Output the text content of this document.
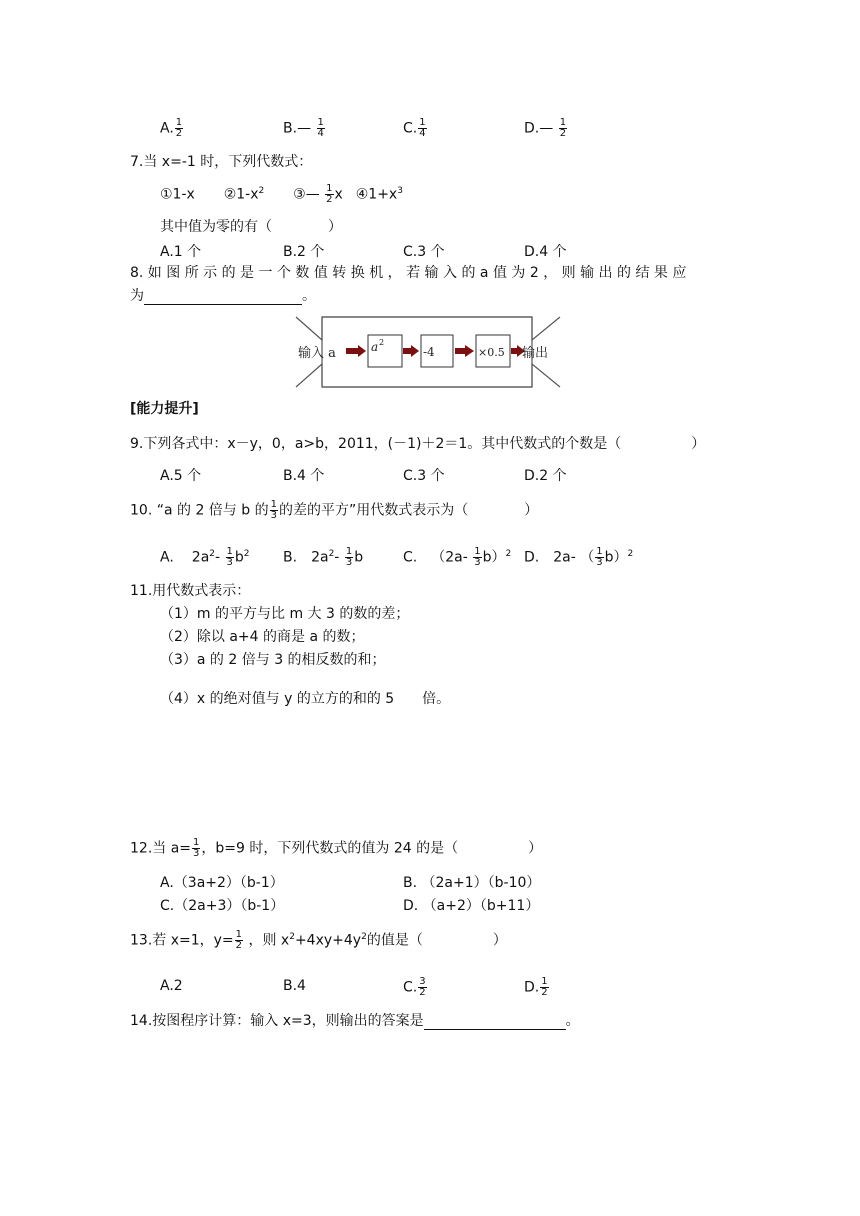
A. $\frac{1}{2}$	B.— $\frac{1}{4}$	C. $\frac{1}{4}$	D.— $\frac{1}{2}$
7.当 x=-1 时，下列代数式：
①1-x $②1-x^2$ ③— $\frac{1}{2}$ x $④1+x^3$
其中值为零的有（　　　　）
A.1 个	B.2 个	C.3 个	D.4 个
8. 如 图 所 示 的 是 一 个 数 值 转 换 机 ， 若 输 入 的 a 值 为 2 ， 则 输 出 的 结 果 应
为	。
输入 a	a 2
-4	×0.5 输出
[能力提升]
9.下列各式中：x－y，0，a>b，2011，(－1)＋2＝1。其中代数式的个数是（　　　　　）
A.5 个	B.4 个	C.3 个	D.2 个
10. “a 的 2 倍与 b 的 $\frac{1}{3}$ 的差的平方”用代数式表示为（　　　　）
A. $2a^2- \frac{1}{3} b^2$ B. $2a^2- \frac{1}{3}$ b	C. $(2a- \frac{1}{3} b)^2$ D. 2a- （ $\frac{1}{3} b)^2$
11.用代数式表示：
（1）m 的平方与比 m 大 3 的数的差；
（2）除以 a+4 的商是 a 的数；
（3）a 的 2 倍与 3 的相反数的和；
（4）x 的绝对值与 y 的立方的和的 5　　倍。
12.当 $a= \frac{1}{3}$ ，b=9 时，下列代数式的值为 24 的是（　　　　　）
A.（3a+2）（b-1）	B. （2a+1）（b-10）
C.（2a+3）（b-1）	D. （a+2）（b+11）
13.若 x=1，$y= \frac{1}{2}$ ，则 $x^2+4xy+4y^2$的值是（　　　　　）
A.2	B.4	C. $\frac{3}{2}$	D. $\frac{1}{2}$
14.按图程序计算：输入 x=3，则输出的答案是	。
